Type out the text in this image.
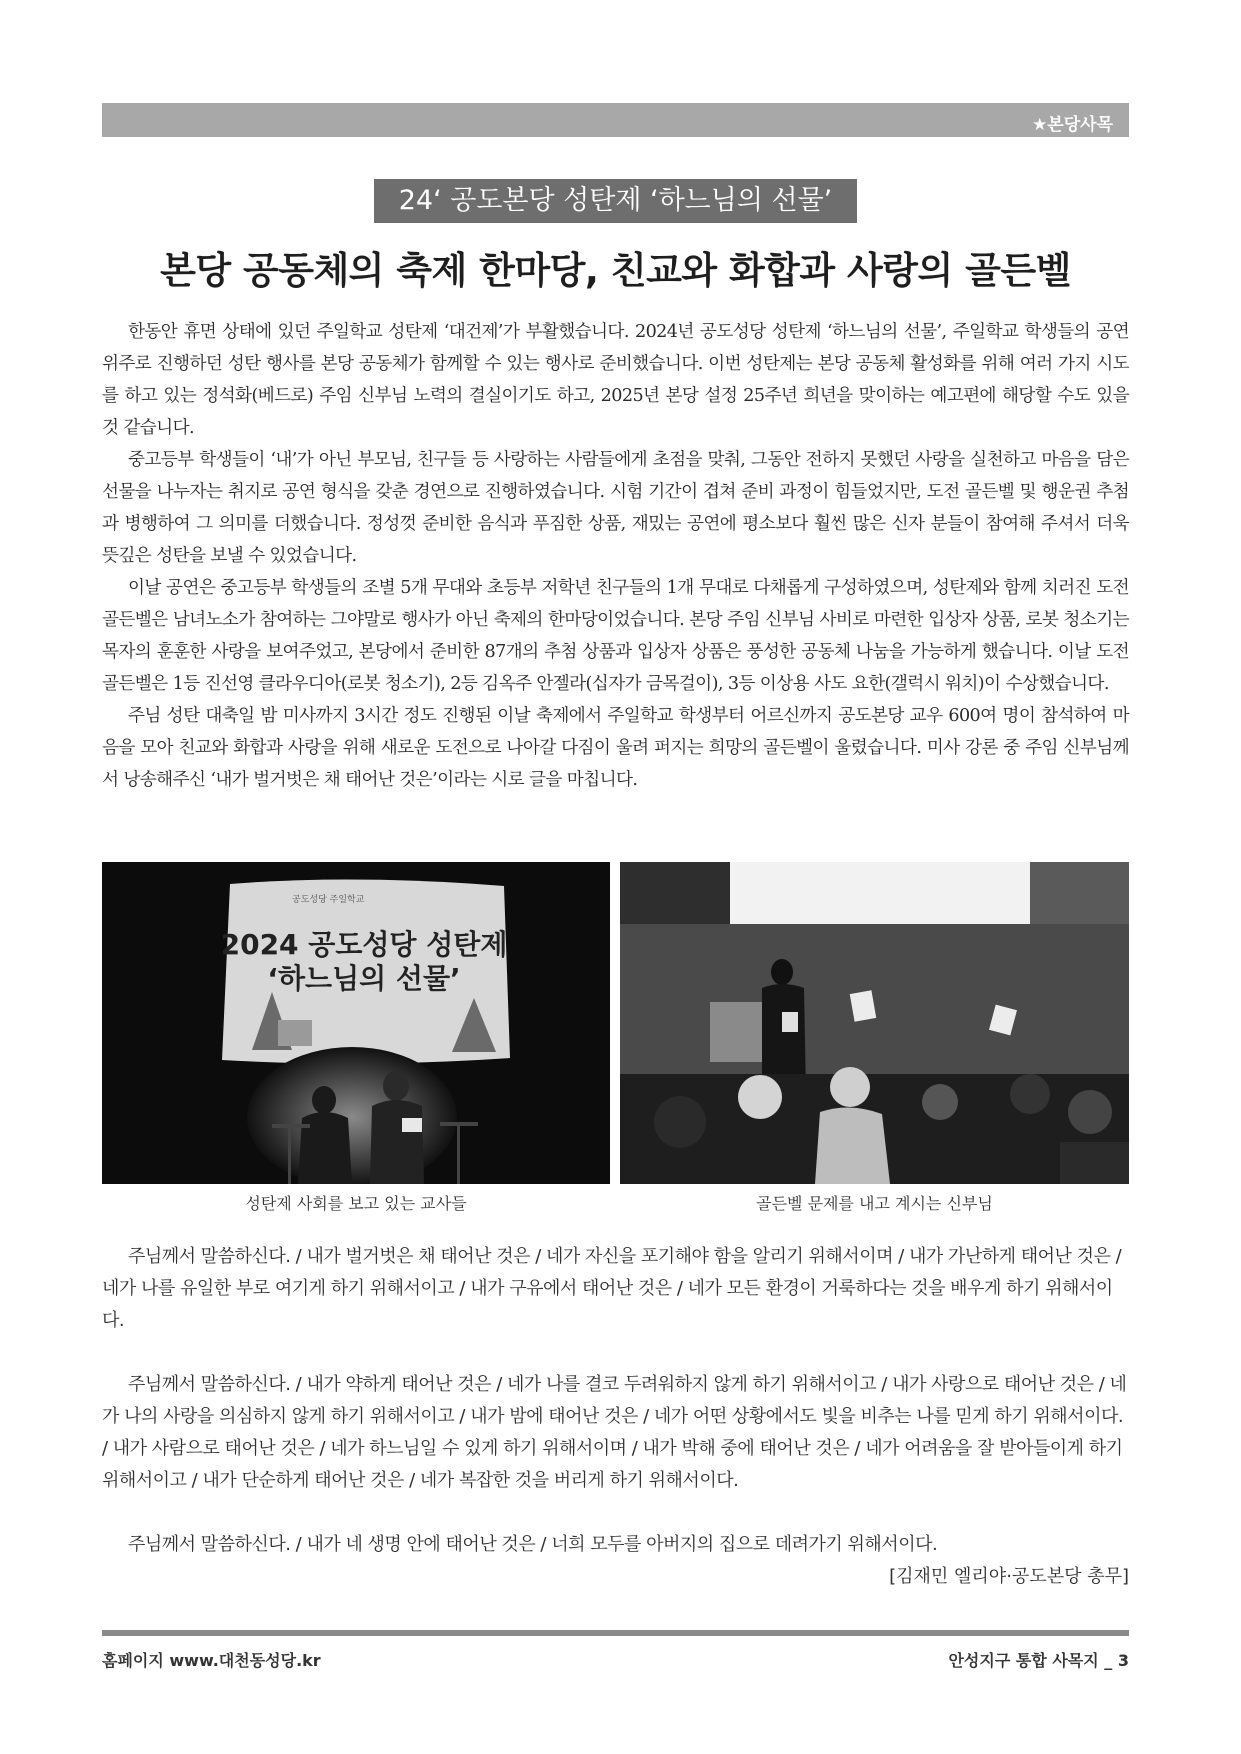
★본당사목
24‘ 공도본당 성탄제 ‘하느님의 선물’
본당 공동체의 축제 한마당, 친교와 화합과 사랑의 골든벨

한동안 휴면 상태에 있던 주일학교 성탄제 ‘대건제’가 부활했습니다. 2024년 공도성당 성탄제 ‘하느님의 선물’, 주일학교 학생들의 공연 위주로 진행하던 성탄 행사를 본당 공동체가 함께할 수 있는 행사로 준비했습니다. 이번 성탄제는 본당 공동체 활성화를 위해 여러 가지 시도를 하고 있는 정석화(베드로) 주임 신부님 노력의 결실이기도 하고, 2025년 본당 설정 25주년 희년을 맞이하는 예고편에 해당할 수도 있을 것 같습니다.

중고등부 학생들이 ‘내’가 아닌 부모님, 친구들 등 사랑하는 사람들에게 초점을 맞춰, 그동안 전하지 못했던 사랑을 실천하고 마음을 담은 선물을 나누자는 취지로 공연 형식을 갖춘 경연으로 진행하였습니다. 시험 기간이 겹쳐 준비 과정이 힘들었지만, 도전 골든벨 및 행운권 추첨과 병행하여 그 의미를 더했습니다. 정성껏 준비한 음식과 푸짐한 상품, 재밌는 공연에 평소보다 훨씬 많은 신자 분들이 참여해 주셔서 더욱 뜻깊은 성탄을 보낼 수 있었습니다.

이날 공연은 중고등부 학생들의 조별 5개 무대와 초등부 저학년 친구들의 1개 무대로 다채롭게 구성하였으며, 성탄제와 함께 치러진 도전 골든벨은 남녀노소가 참여하는 그야말로 행사가 아닌 축제의 한마당이었습니다. 본당 주임 신부님 사비로 마련한 입상자 상품, 로봇 청소기는 목자의 훈훈한 사랑을 보여주었고, 본당에서 준비한 87개의 추첨 상품과 입상자 상품은 풍성한 공동체 나눔을 가능하게 했습니다. 이날 도전 골든벨은 1등 진선영 클라우디아(로봇 청소기), 2등 김옥주 안젤라(십자가 금목걸이), 3등 이상용 사도 요한(갤럭시 워치)이 수상했습니다.

주님 성탄 대축일 밤 미사까지 3시간 정도 진행된 이날 축제에서 주일학교 학생부터 어르신까지 공도본당 교우 600여 명이 참석하여 마음을 모아 친교와 화합과 사랑을 위해 새로운 도전으로 나아갈 다짐이 울려 퍼지는 희망의 골든벨이 울렸습니다. 미사 강론 중 주임 신부님께서 낭송해주신 ‘내가 벌거벗은 채 태어난 것은’이라는 시로 글을 마칩니다.

공도성당 주일학교
2024 공도성당 성탄제
‘하느님의 선물’
성탄제 사회를 보고 있는 교사들	골든벨 문제를 내고 계시는 신부님

주님께서 말씀하신다. / 내가 벌거벗은 채 태어난 것은 / 네가 자신을 포기해야 함을 알리기 위해서이며 / 내가 가난하게 태어난 것은 / 네가 나를 유일한 부로 여기게 하기 위해서이고 / 내가 구유에서 태어난 것은 / 네가 모든 환경이 거룩하다는 것을 배우게 하기 위해서이다.

주님께서 말씀하신다. / 내가 약하게 태어난 것은 / 네가 나를 결코 두려워하지 않게 하기 위해서이고 / 내가 사랑으로 태어난 것은 / 네가 나의 사랑을 의심하지 않게 하기 위해서이고 / 내가 밤에 태어난 것은 / 네가 어떤 상황에서도 빛을 비추는 나를 믿게 하기 위해서이다. / 내가 사람으로 태어난 것은 / 네가 하느님일 수 있게 하기 위해서이며 / 내가 박해 중에 태어난 것은 / 네가 어려움을 잘 받아들이게 하기 위해서이고 / 내가 단순하게 태어난 것은 / 네가 복잡한 것을 버리게 하기 위해서이다.

주님께서 말씀하신다. / 내가 네 생명 안에 태어난 것은 / 너희 모두를 아버지의 집으로 데려가기 위해서이다.

[김재민 엘리야·공도본당 총무]
홈페이지 www.대천동성당.kr	안성지구 통합 사목지 _ 3
